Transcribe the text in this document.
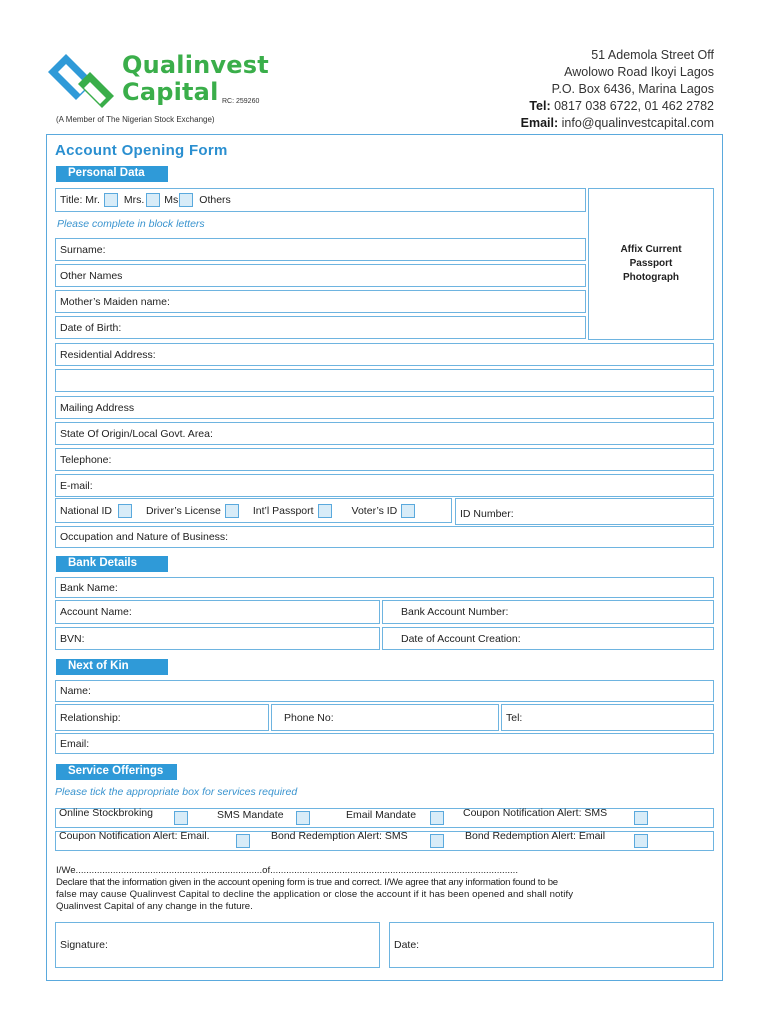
Qualinvest
Capital RC: 259260
(A Member of The Nigerian Stock Exchange)
51 Ademola Street Off
Awolowo Road Ikoyi Lagos
P.O. Box 6436, Marina Lagos
Tel: 0817 038 6722, 01 462 2782
Email: info@qualinvestcapital.com
Account Opening Form
Personal Data
Title: Mr. Mrs. Ms Others
Please complete in block letters
Surname:
Other Names
Mother’s Maiden name:
Date of Birth:
Affix Current
Passport
Photograph
Residential Address:
Mailing Address
State Of Origin/Local Govt. Area:
Telephone:
E-mail:
National ID	Driver’s License	Int’l Passport	Voter’s ID	ID Number:
Occupation and Nature of Business:
Bank Details
Bank Name:
Account Name:	Bank Account Number:
BVN:	Date of Account Creation:
Next of Kin
Name:
Relationship:	Phone No:	Tel:
Email:
Service Offerings
Please tick the appropriate box for services required
Online Stockbroking	SMS Mandate	Email Mandate	Coupon Notification Alert: SMS
Coupon Notification Alert: Email.	Bond Redemption Alert: SMS	Bond Redemption Alert: Email
I/We......................................................................of.............................................................................................
Declare that the information given in the account opening form is true and correct. I/We agree that any information found to be
false may cause Qualinvest Capital to decline the application or close the account if it has been opened and shall notify
Qualinvest Capital of any change in the future.
Signature:	Date:
